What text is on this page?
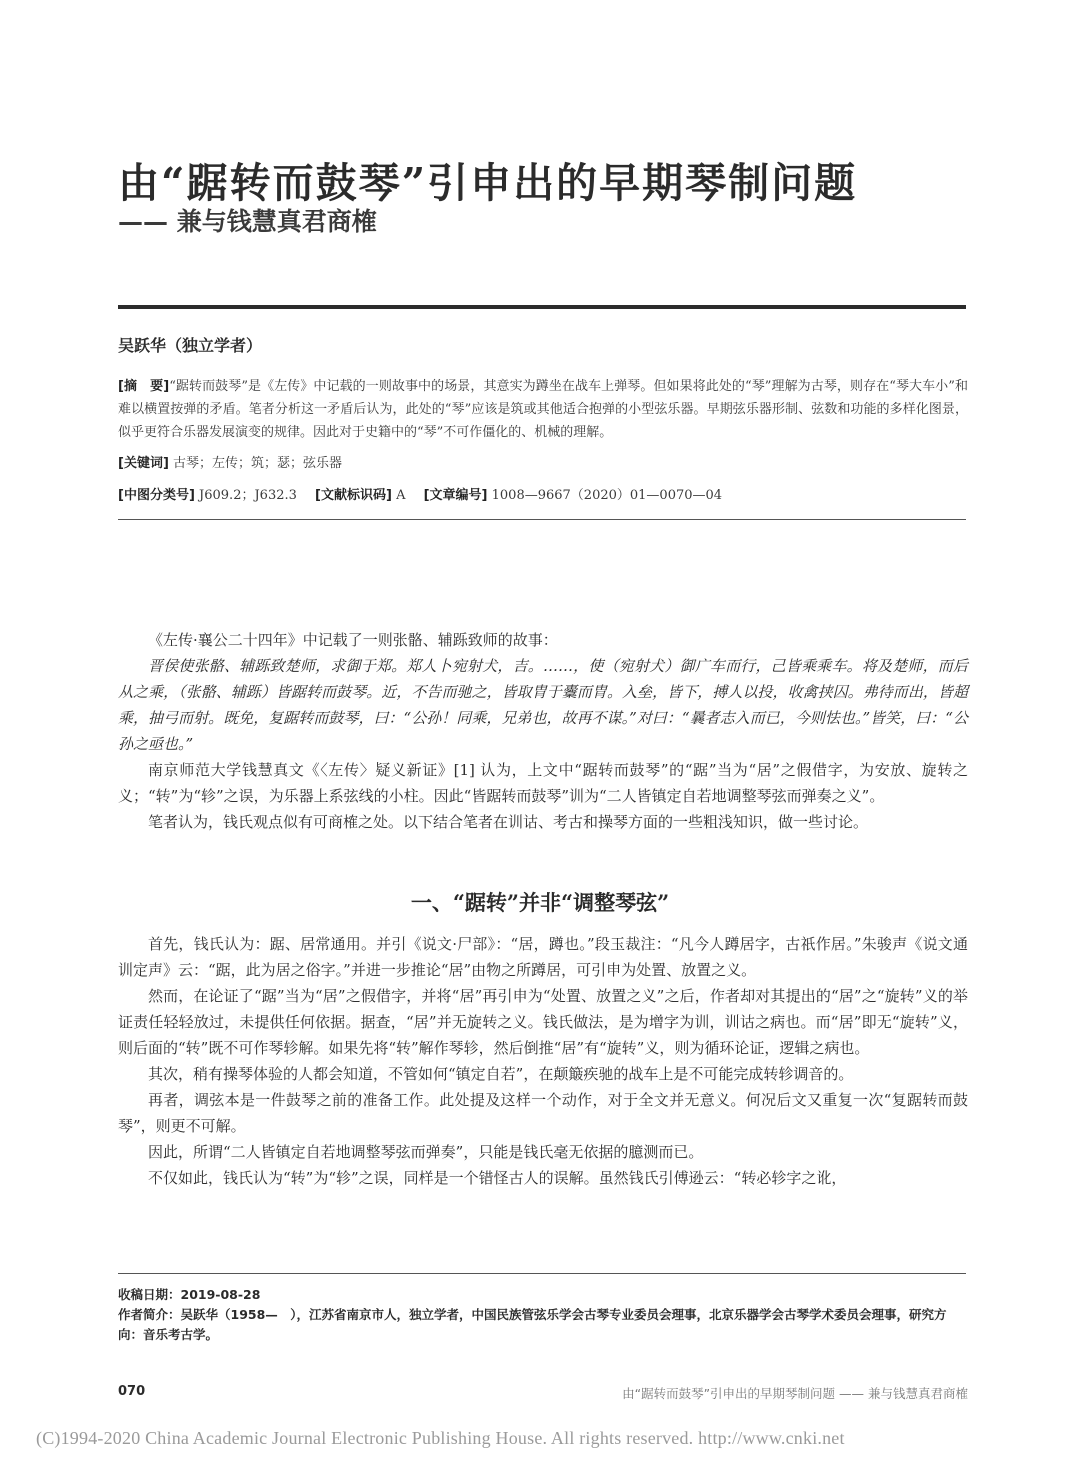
由“踞转而鼓琴”引申出的早期琴制问题
—— 兼与钱慧真君商榷
吴跃华（独立学者）
[摘　要]“踞转而鼓琴”是《左传》中记载的一则故事中的场景，其意实为蹲坐在战车上弹琴。但如果将此处的“琴”理解为古琴，则存在“琴大车小”和难以横置按弹的矛盾。笔者分析这一矛盾后认为，此处的“琴”应该是筑或其他适合抱弹的小型弦乐器。早期弦乐器形制、弦数和功能的多样化图景，似乎更符合乐器发展演变的规律。因此对于史籍中的“琴”不可作僵化的、机械的理解。
[关键词] 古琴；左传；筑；瑟；弦乐器
[中图分类号] J609.2；J632.3 [文献标识码] A [文章编号] 1008—9667（2020）01—0070—04

《左传·襄公二十四年》中记载了一则张骼、辅跞致师的故事：

晋侯使张骼、辅跞致楚师，求御于郑。郑人卜宛射犬，吉。……，使（宛射犬）御广车而行，己皆乘乘车。将及楚师，而后从之乘，（张骼、辅跞）皆踞转而鼓琴。近，不告而驰之，皆取胄于櫜而胄。入垒，皆下，搏人以投，收禽挟囚。弗待而出，皆超乘，抽弓而射。既免，复踞转而鼓琴，曰：“公孙！同乘，兄弟也，故再不谋。”对曰：“曩者志入而已，今则怯也。”皆笑，曰：“公孙之亟也。”

南京师范大学钱慧真文《〈左传〉疑义新证》[1] 认为，上文中“踞转而鼓琴”的“踞”当为“居”之假借字，为安放、旋转之义；“转”为“轸”之误，为乐器上系弦线的小柱。因此“皆踞转而鼓琴”训为“二人皆镇定自若地调整琴弦而弹奏之义”。

笔者认为，钱氏观点似有可商榷之处。以下结合笔者在训诂、考古和操琴方面的一些粗浅知识，做一些讨论。

一、“踞转”并非“调整琴弦”

首先，钱氏认为：踞、居常通用。并引《说文·尸部》：“居，蹲也。”段玉裁注：“凡今人蹲居字，古祇作居。”朱骏声《说文通训定声》云：“踞，此为居之俗字。”并进一步推论“居”由物之所蹲居，可引申为处置、放置之义。

然而，在论证了“踞”当为“居”之假借字，并将“居”再引申为“处置、放置之义”之后，作者却对其提出的“居”之“旋转”义的举证责任轻轻放过，未提供任何依据。据查，“居”并无旋转之义。钱氏做法，是为增字为训，训诂之病也。而“居”即无“旋转”义，则后面的“转”既不可作琴轸解。如果先将“转”解作琴轸，然后倒推“居”有“旋转”义，则为循环论证，逻辑之病也。

其次，稍有操琴体验的人都会知道，不管如何“镇定自若”，在颠簸疾驰的战车上是不可能完成转轸调音的。

再者，调弦本是一件鼓琴之前的准备工作。此处提及这样一个动作，对于全文并无意义。何况后文又重复一次“复踞转而鼓琴”，则更不可解。

因此，所谓“二人皆镇定自若地调整琴弦而弹奏”，只能是钱氏毫无依据的臆测而已。

不仅如此，钱氏认为“转”为“轸”之误，同样是一个错怪古人的误解。虽然钱氏引傅逊云：“转必轸字之讹，

收稿日期：2019-08-28
作者简介：吴跃华（1958—　），江苏省南京市人，独立学者，中国民族管弦乐学会古琴专业委员会理事，北京乐器学会古琴学术委员会理事，研究方向：音乐考古学。
070	由“踞转而鼓琴”引申出的早期琴制问题 —— 兼与钱慧真君商榷
(C)1994-2020 China Academic Journal Electronic Publishing House. All rights reserved. http://www.cnki.net
